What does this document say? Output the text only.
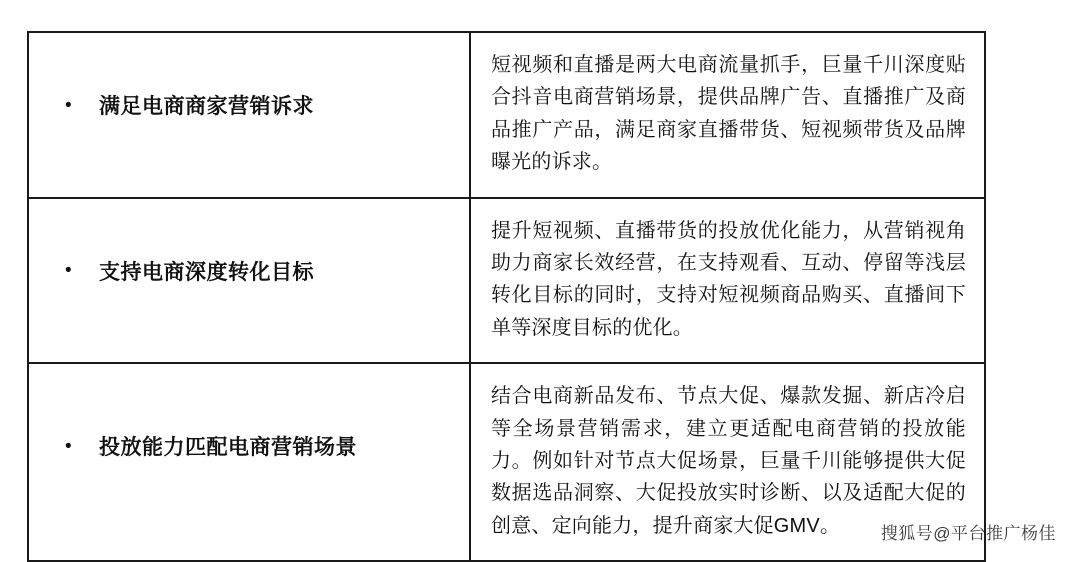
• 满足电商商家营销诉求	短视频和直播是两大电商流量抓手，巨量千川深度贴合抖音电商营销场景，提供品牌广告、直播推广及商品推广产品，满足商家直播带货、短视频带货及品牌曝光的诉求。

• 支持电商深度转化目标	提升短视频、直播带货的投放优化能力，从营销视角助力商家长效经营，在支持观看、互动、停留等浅层转化目标的同时，支持对短视频商品购买、直播间下单等深度目标的优化。

• 投放能力匹配电商营销场景	结合电商新品发布、节点大促、爆款发掘、新店冷启等全场景营销需求，建立更适配电商营销的投放能力。例如针对节点大促场景，巨量千川能够提供大促数据选品洞察、大促投放实时诊断、以及适配大促的创意、定向能力，提升商家大促GMV。	搜狐号@平台推广杨佳
